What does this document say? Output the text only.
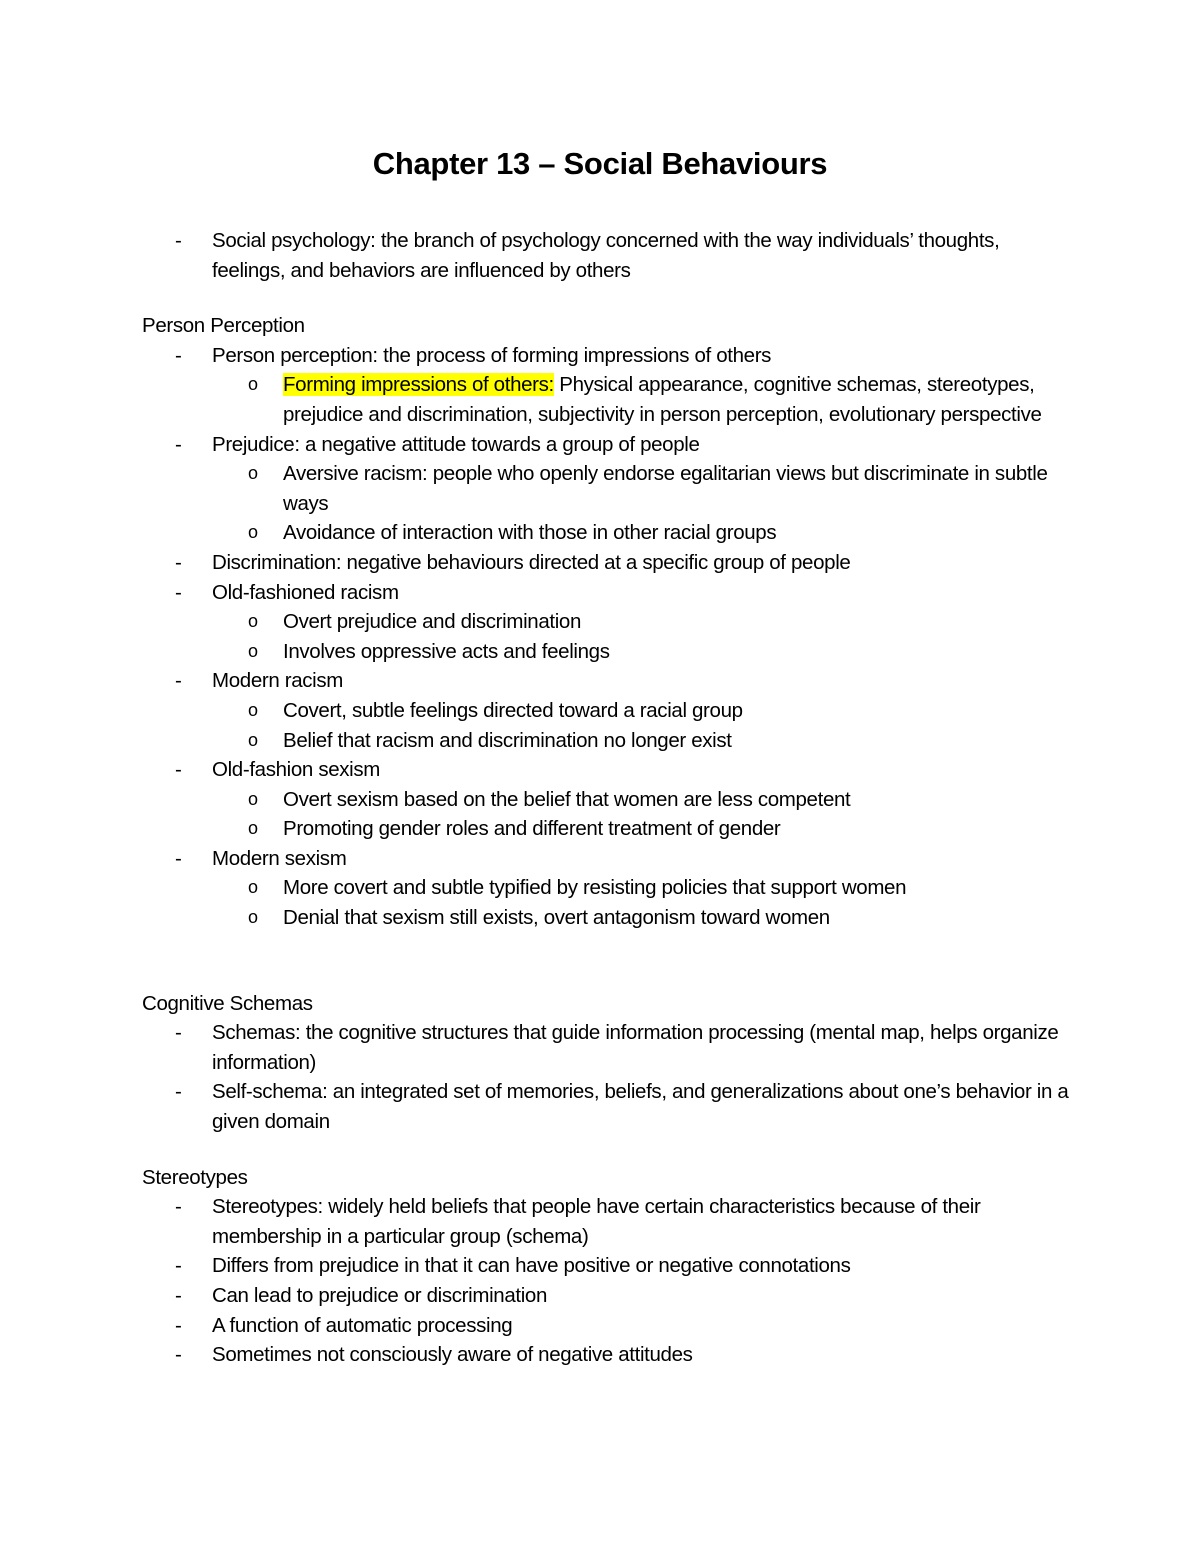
Chapter 13 – Social Behaviours
- Social psychology: the branch of psychology concerned with the way individuals’ thoughts, feelings, and behaviors are influenced by others
Person Perception
- Person perception: the process of forming impressions of others
o Forming impressions of others: Physical appearance, cognitive schemas, stereotypes, prejudice and discrimination, subjectivity in person perception, evolutionary perspective
- Prejudice: a negative attitude towards a group of people
o Aversive racism: people who openly endorse egalitarian views but discriminate in subtle ways
o Avoidance of interaction with those in other racial groups
- Discrimination: negative behaviours directed at a specific group of people
- Old-fashioned racism
o Overt prejudice and discrimination
o Involves oppressive acts and feelings
- Modern racism
o Covert, subtle feelings directed toward a racial group
o Belief that racism and discrimination no longer exist
- Old-fashion sexism
o Overt sexism based on the belief that women are less competent
o Promoting gender roles and different treatment of gender
- Modern sexism
o More covert and subtle typified by resisting policies that support women
o Denial that sexism still exists, overt antagonism toward women
Cognitive Schemas
- Schemas: the cognitive structures that guide information processing (mental map, helps organize information)
- Self-schema: an integrated set of memories, beliefs, and generalizations about one’s behavior in a given domain
Stereotypes
- Stereotypes: widely held beliefs that people have certain characteristics because of their membership in a particular group (schema)
- Differs from prejudice in that it can have positive or negative connotations
- Can lead to prejudice or discrimination
- A function of automatic processing
- Sometimes not consciously aware of negative attitudes
